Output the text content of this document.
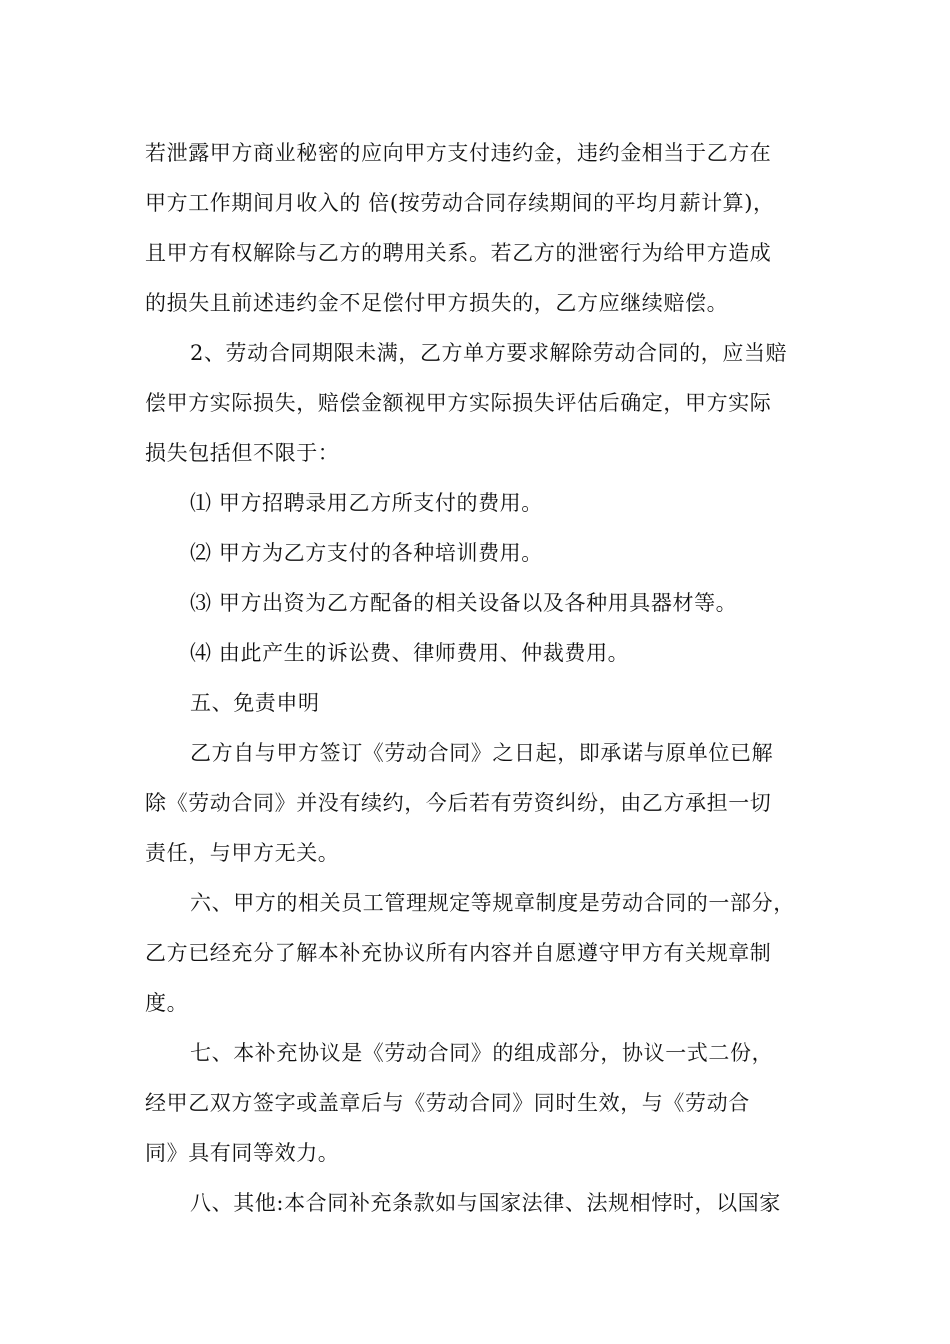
若泄露甲方商业秘密的应向甲方支付违约金，违约金相当于乙方在
甲方工作期间月收入的 倍(按劳动合同存续期间的平均月薪计算)，
且甲方有权解除与乙方的聘用关系。若乙方的泄密行为给甲方造成
的损失且前述违约金不足偿付甲方损失的，乙方应继续赔偿。
2、劳动合同期限未满，乙方单方要求解除劳动合同的，应当赔
偿甲方实际损失，赔偿金额视甲方实际损失评估后确定，甲方实际
损失包括但不限于：
⑴ 甲方招聘录用乙方所支付的费用。
⑵ 甲方为乙方支付的各种培训费用。
⑶ 甲方出资为乙方配备的相关设备以及各种用具器材等。
⑷ 由此产生的诉讼费、律师费用、仲裁费用。
五、免责申明
乙方自与甲方签订《劳动合同》之日起，即承诺与原单位已解
除《劳动合同》并没有续约，今后若有劳资纠纷，由乙方承担一切
责任，与甲方无关。
六、甲方的相关员工管理规定等规章制度是劳动合同的一部分，
乙方已经充分了解本补充协议所有内容并自愿遵守甲方有关规章制
度。
七、本补充协议是《劳动合同》的组成部分，协议一式二份，
经甲乙双方签字或盖章后与《劳动合同》同时生效，与《劳动合
同》具有同等效力。
八、其他:本合同补充条款如与国家法律、法规相悖时，以国家
